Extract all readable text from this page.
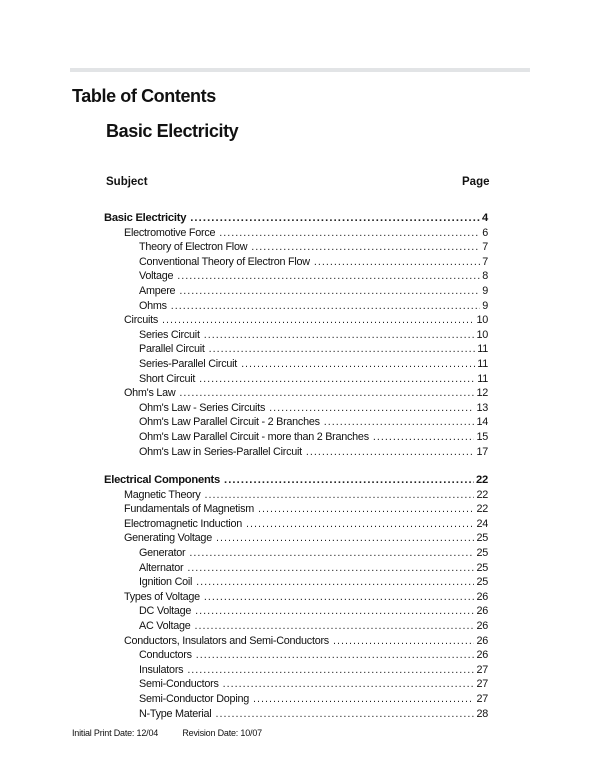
Table of Contents
Basic Electricity
Subject	Page
Basic Electricity . . .	4
Electromotive Force . . .	6
Theory of Electron Flow . . .	7
Conventional Theory of Electron Flow . . .	7
Voltage . . .	8
Ampere . . .	9
Ohms . . .	9
Circuits . . .	10
Series Circuit . . .	10
Parallel Circuit . . .	11
Series-Parallel Circuit . . .	11
Short Circuit . . .	11
Ohm's Law . . .	12
Ohm's Law - Series Circuits . . .	13
Ohm's Law Parallel Circuit - 2 Branches . . .	14
Ohm's Law Parallel Circuit - more than 2 Branches . . .	15
Ohm's Law in Series-Parallel Circuit . . .	17
Electrical Components . . .	22
Magnetic Theory . . .	22
Fundamentals of Magnetism . . .	22
Electromagnetic Induction . . .	24
Generating Voltage . . .	25
Generator . . .	25
Alternator . . .	25
Ignition Coil . . .	25
Types of Voltage . . .	26
DC Voltage . . .	26
AC Voltage . . .	26
Conductors, Insulators and Semi-Conductors . . .	26
Conductors . . .	26
Insulators . . .	27
Semi-Conductors . . .	27
Semi-Conductor Doping . . .	27
N-Type Material . . .	28
Initial Print Date: 12/04	Revision Date: 10/07
